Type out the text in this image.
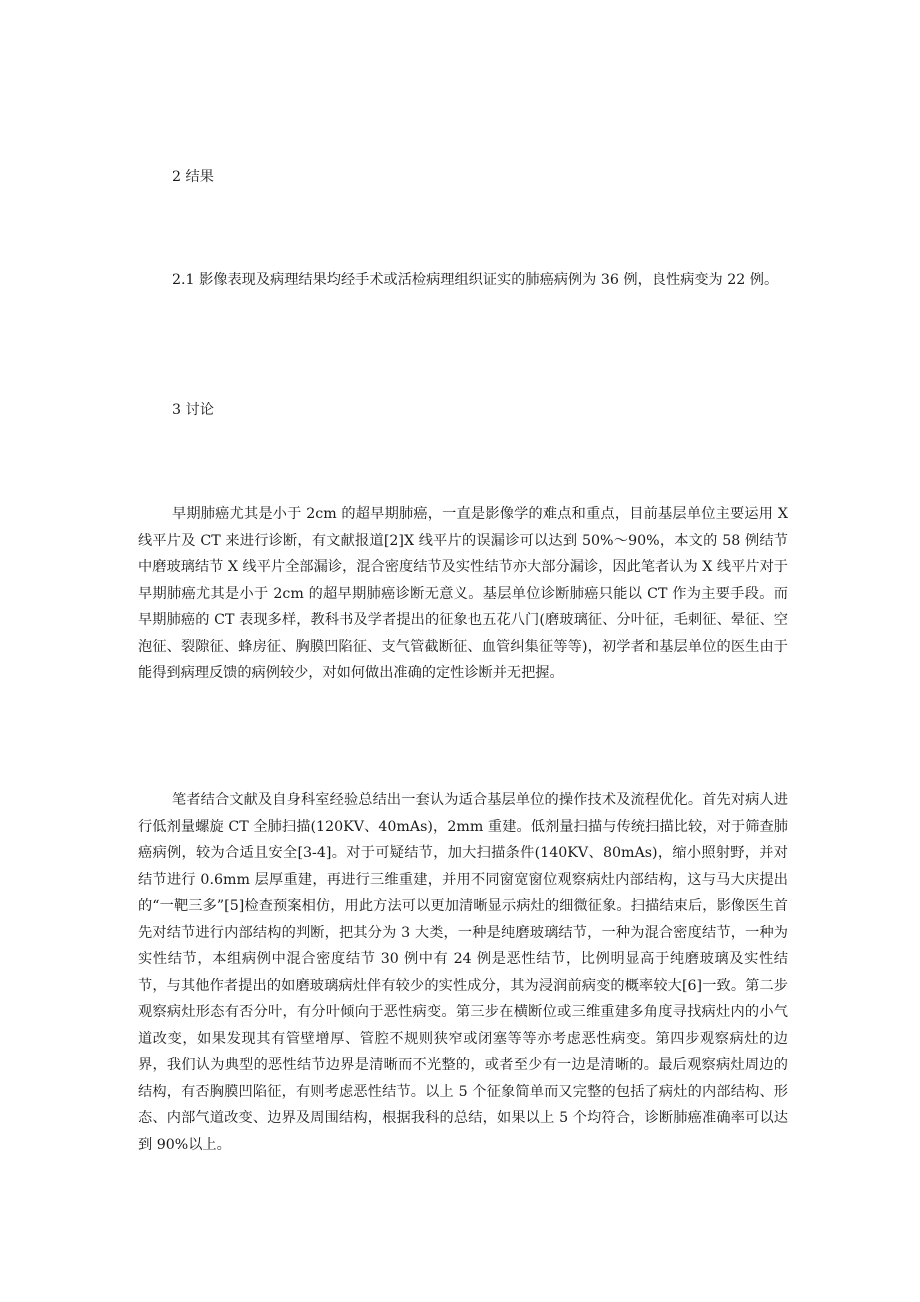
2 结果

2.1 影像表现及病理结果均经手术或活检病理组织证实的肺癌病例为 36 例，良性病变为 22 例。

3 讨论

早期肺癌尤其是小于 2cm 的超早期肺癌，一直是影像学的难点和重点，目前基层单位主要运用 X 线平片及 CT 来进行诊断，有文献报道[2]X 线平片的误漏诊可以达到 50%～90%，本文的 58 例结节中磨玻璃结节 X 线平片全部漏诊，混合密度结节及实性结节亦大部分漏诊，因此笔者认为 X 线平片对于早期肺癌尤其是小于 2cm 的超早期肺癌诊断无意义。基层单位诊断肺癌只能以 CT 作为主要手段。而早期肺癌的 CT 表现多样，教科书及学者提出的征象也五花八门(磨玻璃征、分叶征，毛刺征、晕征、空泡征、裂隙征、蜂房征、胸膜凹陷征、支气管截断征、血管纠集征等等)，初学者和基层单位的医生由于能得到病理反馈的病例较少，对如何做出准确的定性诊断并无把握。

笔者结合文献及自身科室经验总结出一套认为适合基层单位的操作技术及流程优化。首先对病人进行低剂量螺旋 CT 全肺扫描(120KV、40mAs)，2mm 重建。低剂量扫描与传统扫描比较，对于筛查肺癌病例，较为合适且安全[3-4]。对于可疑结节，加大扫描条件(140KV、80mAs)，缩小照射野，并对结节进行 0.6mm 层厚重建，再进行三维重建，并用不同窗宽窗位观察病灶内部结构，这与马大庆提出的“一靶三多”[5]检查预案相仿，用此方法可以更加清晰显示病灶的细微征象。扫描结束后，影像医生首先对结节进行内部结构的判断，把其分为 3 大类，一种是纯磨玻璃结节，一种为混合密度结节，一种为实性结节，本组病例中混合密度结节 30 例中有 24 例是恶性结节，比例明显高于纯磨玻璃及实性结节，与其他作者提出的如磨玻璃病灶伴有较少的实性成分，其为浸润前病变的概率较大[6]一致。第二步观察病灶形态有否分叶，有分叶倾向于恶性病变。第三步在横断位或三维重建多角度寻找病灶内的小气道改变，如果发现其有管壁增厚、管腔不规则狭窄或闭塞等等亦考虑恶性病变。第四步观察病灶的边界，我们认为典型的恶性结节边界是清晰而不光整的，或者至少有一边是清晰的。最后观察病灶周边的结构，有否胸膜凹陷征，有则考虑恶性结节。以上 5 个征象简单而又完整的包括了病灶的内部结构、形态、内部气道改变、边界及周围结构，根据我科的总结，如果以上 5 个均符合，诊断肺癌准确率可以达到 90%以上。
